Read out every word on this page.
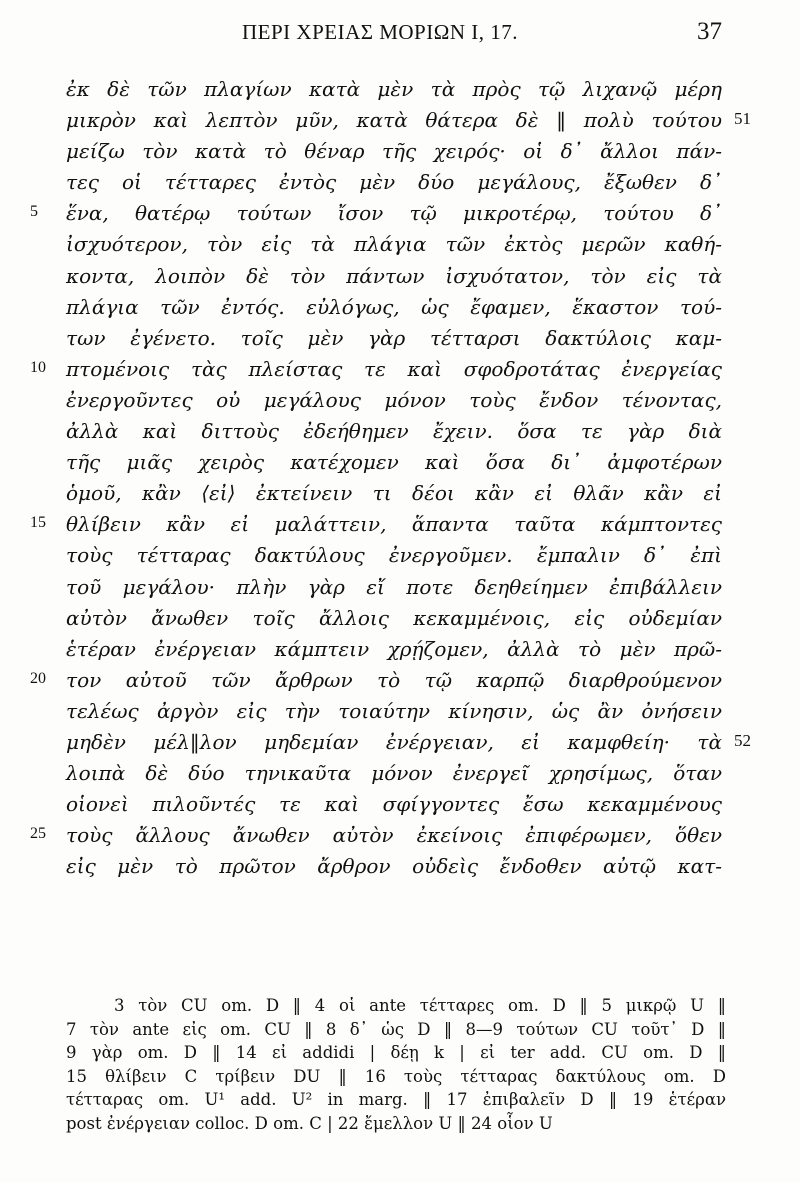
ΠΕΡΙ ΧΡΕΙΑΣ ΜΟΡΙΩΝ Ι, 17.	37
ἐκ δὲ τῶν πλαγίων κατὰ μὲν τὰ πρὸς τῷ λιχανῷ μέρη
μικρὸν καὶ λεπτὸν μῦν, κατὰ θάτερα δὲ ‖ πολὺ τούτου 51
μείζω τὸν κατὰ τὸ θέναρ τῆς χειρός· οἱ δ᾿ ἄλλοι πάν-
τες οἱ τέτταρες ἐντὸς μὲν δύο μεγάλους, ἔξωθεν δ᾿
5	ἕνα, θατέρῳ τούτων ἴσον τῷ μικροτέρῳ, τούτου δ᾿
ἰσχυότερον, τὸν εἰς τὰ πλάγια τῶν ἐκτὸς μερῶν καθή-
κοντα, λοιπὸν δὲ τὸν πάντων ἰσχυότατον, τὸν εἰς τὰ
πλάγια τῶν ἐντός. εὐλόγως, ὡς ἔφαμεν, ἕκαστον τού-
των ἐγένετο. τοῖς μὲν γὰρ τέτταρσι δακτύλοις καμ-
10	πτομένοις τὰς πλείστας τε καὶ σφοδροτάτας ἐνεργείας
ἐνεργοῦντες οὐ μεγάλους μόνον τοὺς ἔνδον τένοντας,
ἀλλὰ καὶ διττοὺς ἐδεήθημεν ἔχειν. ὅσα τε γὰρ διὰ
τῆς μιᾶς χειρὸς κατέχομεν καὶ ὅσα δι᾿ ἀμφοτέρων
ὁμοῦ, κἂν ⟨εἰ⟩ ἐκτείνειν τι δέοι κἂν εἰ θλᾶν κἂν εἰ
15	θλίβειν κἂν εἰ μαλάττειν, ἅπαντα ταῦτα κάμπτοντες
τοὺς τέτταρας δακτύλους ἐνεργοῦμεν. ἔμπαλιν δ᾿ ἐπὶ
τοῦ μεγάλου· πλὴν γὰρ εἴ ποτε δεηθείημεν ἐπιβάλλειν
αὐτὸν ἄνωθεν τοῖς ἄλλοις κεκαμμένοις, εἰς οὐδεμίαν
ἑτέραν ἐνέργειαν κάμπτειν χρῄζομεν, ἀλλὰ τὸ μὲν πρῶ-
20	τον αὐτοῦ τῶν ἄρθρων τὸ τῷ καρπῷ διαρθρούμενον
τελέως ἀργὸν εἰς τὴν τοιαύτην κίνησιν, ὡς ἂν ὀνήσειν
μηδὲν μέλ‖λον μηδεμίαν ἐνέργειαν, εἰ καμφθείη· τὰ 52
λοιπὰ δὲ δύο τηνικαῦτα μόνον ἐνεργεῖ χρησίμως, ὅταν
οἱονεὶ πιλοῦντές τε καὶ σφίγγοντες ἔσω κεκαμμένους
25	τοὺς ἄλλους ἄνωθεν αὐτὸν ἐκείνοις ἐπιφέρωμεν, ὅθεν
εἰς μὲν τὸ πρῶτον ἄρθρον οὐδεὶς ἔνδοθεν αὐτῷ κατ-
3 τὸν CU om. D ‖ 4 οἱ ante τέτταρες om. D ‖ 5 μικρῷ U ‖
7 τὸν ante εἰς om. CU ‖ 8 δ᾿ ὡς D ‖ 8—9 τούτων CU τοῦτ᾿ D ‖
9 γὰρ om. D ‖ 14 εἰ addidi | δέῃ k | εἰ ter add. CU om. D ‖
15 θλίβειν C τρίβειν DU ‖ 16 τοὺς τέτταρας δακτύλους om. D
τέτταρας om. U¹ add. U² in marg. ‖ 17 ἐπιβαλεῖν D ‖ 19 ἑτέραν
post ἐνέργειαν colloc. D om. C | 22 ἔμελλον U ‖ 24 οἷον U
